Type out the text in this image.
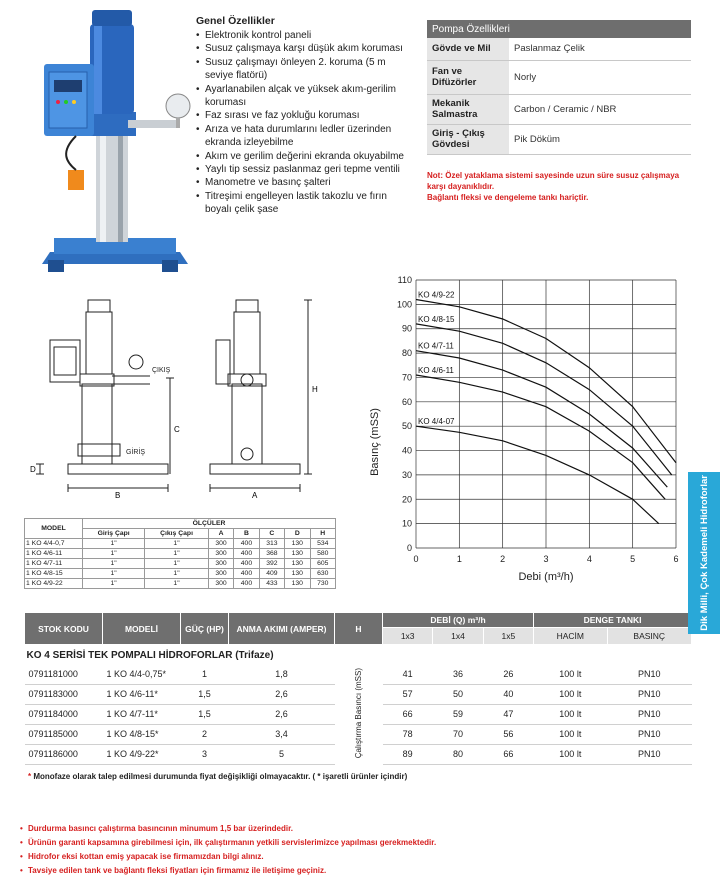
Genel Özellikler
• Elektronik kontrol paneli
• Susuz çalışmaya karşı düşük akım koruması
• Susuz çalışmayı önleyen 2. koruma (5 m seviye flatörü)
• Ayarlanabilen alçak ve yüksek akım-gerilim koruması
• Faz sırası ve faz yokluğu koruması
• Arıza ve hata durumlarını ledler üzerinden ekranda izleyebilme
• Akım ve gerilim değerini ekranda okuyabilme
• Yaylı tip sessiz paslanmaz geri tepme ventili
• Manometre ve basınç şalteri
• Titreşimi engelleyen lastik takozlu ve fırın boyalı çelik şase
Pompa Özellikleri	
Gövde ve Mil	Paslanmaz Çelik
Fan ve Difüzörler	Norly
Mekanik Salmastra	Carbon / Ceramic / NBR
Giriş - Çıkış Gövdesi	Pik Döküm
Not: Özel yataklama sistemi sayesinde uzun süre susuz çalışmaya karşı dayanıklıdır.
Bağlantı fleksi ve dengeleme tankı hariçtir.
ÇIKIŞ
GİRİŞ
B
D
C
A
H
0
10
20
30
40
50
60
70
80
90
100
110
0	1	2	3	4	5	6
KO 4/9-22
KO 4/8-15
KO 4/7-11
KO 4/6-11
KO 4/4-07
Basınç (mSS)
Debi (m³/h)
MODEL	ÖLÇÜLER						
	Giriş Çapı	Çıkış Çapı	A	B	C	D	H
1 KO 4/4-0,7	1"	1"	300	400	313	130	534
1 KO 4/6-11	1"	1"	300	400	368	130	580
1 KO 4/7-11	1"	1"	300	400	392	130	605
1 KO 4/8-15	1"	1"	300	400	409	130	630
1 KO 4/9-22	1"	1"	300	400	433	130	730
STOK KODU	MODELİ	GÜÇ (HP)	ANMA AKIMI (AMPER)	H	DEBİ (Q) m³/h			DENGE TANKI	
					1x3	1x4	1x5	HACİM	BASINÇ
KO 4 SERİSİ TEK POMPALI HİDROFORLAR (Trifaze)									
0791181000	1 KO 4/4-0,75*	1	1,8	Çalıştırma Basıncı (mSS)	41	36	26	100 lt	PN10
0791183000	1 KO 4/6-11*	1,5	2,6		57	50	40	100 lt	PN10
0791184000	1 KO 4/7-11*	1,5	2,6		66	59	47	100 lt	PN10
0791185000	1 KO 4/8-15*	2	3,4		78	70	56	100 lt	PN10
0791186000	1 KO 4/9-22*	3	5		89	80	66	100 lt	PN10
* Monofaze olarak talep edilmesi durumunda fiyat değişikliği olmayacaktır. ( * işaretli ürünler içindir)
• Durdurma basıncı çalıştırma basıncının minumum 1,5 bar üzerindedir.
• Ürünün garanti kapsamına girebilmesi için, ilk çalıştırmanın yetkili servislerimizce yapılması gerekmektedir.
• Hidrofor eksi kottan emiş yapacak ise firmamızdan bilgi alınız.
• Tavsiye edilen tank ve bağlantı fleksi fiyatları için firmamız ile iletişime geçiniz.
Dik Milli, Çok Kademeli Hidroforlar
